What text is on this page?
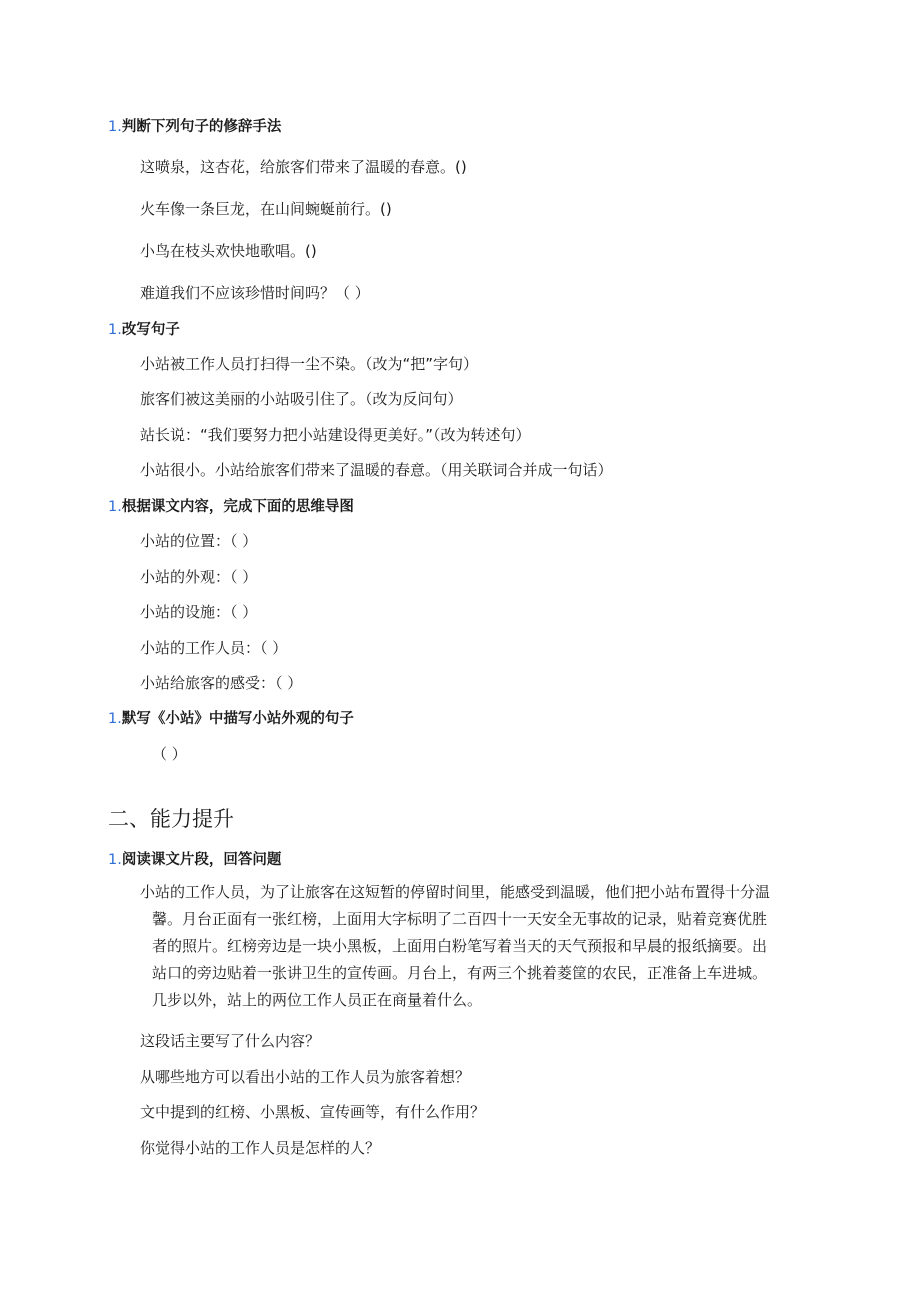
1.判断下列句子的修辞手法
这喷泉，这杏花，给旅客们带来了温暖的春意。()
火车像一条巨龙，在山间蜿蜒前行。()
小鸟在枝头欢快地歌唱。()
难道我们不应该珍惜时间吗？（ ）
1.改写句子
小站被工作人员打扫得一尘不染。（改为“把”字句）
旅客们被这美丽的小站吸引住了。（改为反问句）
站长说：“我们要努力把小站建设得更美好。”（改为转述句）
小站很小。小站给旅客们带来了温暖的春意。（用关联词合并成一句话）
1.根据课文内容，完成下面的思维导图
小站的位置：（ ）
小站的外观：（ ）
小站的设施：（ ）
小站的工作人员：（ ）
小站给旅客的感受：（ ）
1.默写《小站》中描写小站外观的句子
（ ）
二、能力提升
1.阅读课文片段，回答问题
小站的工作人员，为了让旅客在这短暂的停留时间里，能感受到温暖，他们把小站布置得十分温
馨。月台正面有一张红榜，上面用大字标明了二百四十一天安全无事故的记录，贴着竞赛优胜
者的照片。红榜旁边是一块小黑板，上面用白粉笔写着当天的天气预报和早晨的报纸摘要。出
站口的旁边贴着一张讲卫生的宣传画。月台上，有两三个挑着菱筐的农民，正准备上车进城。
几步以外，站上的两位工作人员正在商量着什么。
这段话主要写了什么内容？
从哪些地方可以看出小站的工作人员为旅客着想？
文中提到的红榜、小黑板、宣传画等，有什么作用？
你觉得小站的工作人员是怎样的人？
